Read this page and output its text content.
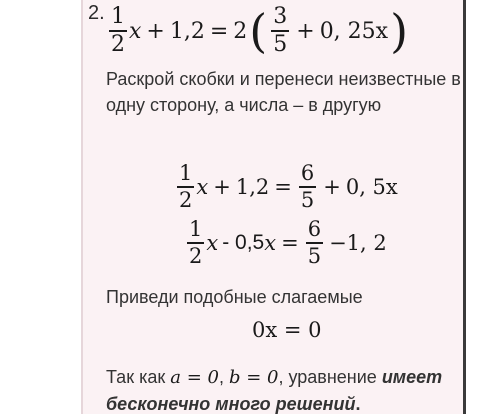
2. $\frac{1}{2}$ x + 1,2 = 2 ( $\frac{3}{5} + 0$, 25x )
Раскрой скобки и перенеси неизвестные в одну сторону, а числа – в другую
$\frac{1}{2}$ $x + 1,2 = \frac{6}{5} + 0$, 5x
$\frac{1}{2}$ x - 0,5 $x = \frac{6}{5} -1$, 2
Приведи подобные слагаемые
0x = 0
Так как a = 0, b = 0, уравнение имеет бесконечно много решений.
